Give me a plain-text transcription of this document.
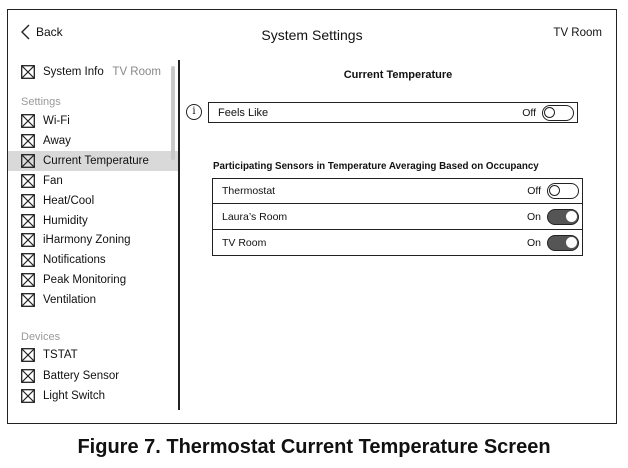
Back	System Settings	TV Room
System Info TV Room
Settings
Wi-Fi
Away
Current Temperature
Fan
Heat/Cool
Humidity
iHarmony Zoning
Notifications
Peak Monitoring
Ventilation
Devices
TSTAT
Battery Sensor
Light Switch
Current Temperature
i	Feels Like	Off
Participating Sensors in Temperature Averaging Based on Occupancy
Thermostat	Off
Laura’s Room	On
TV Room	On
Figure 7. Thermostat Current Temperature Screen
